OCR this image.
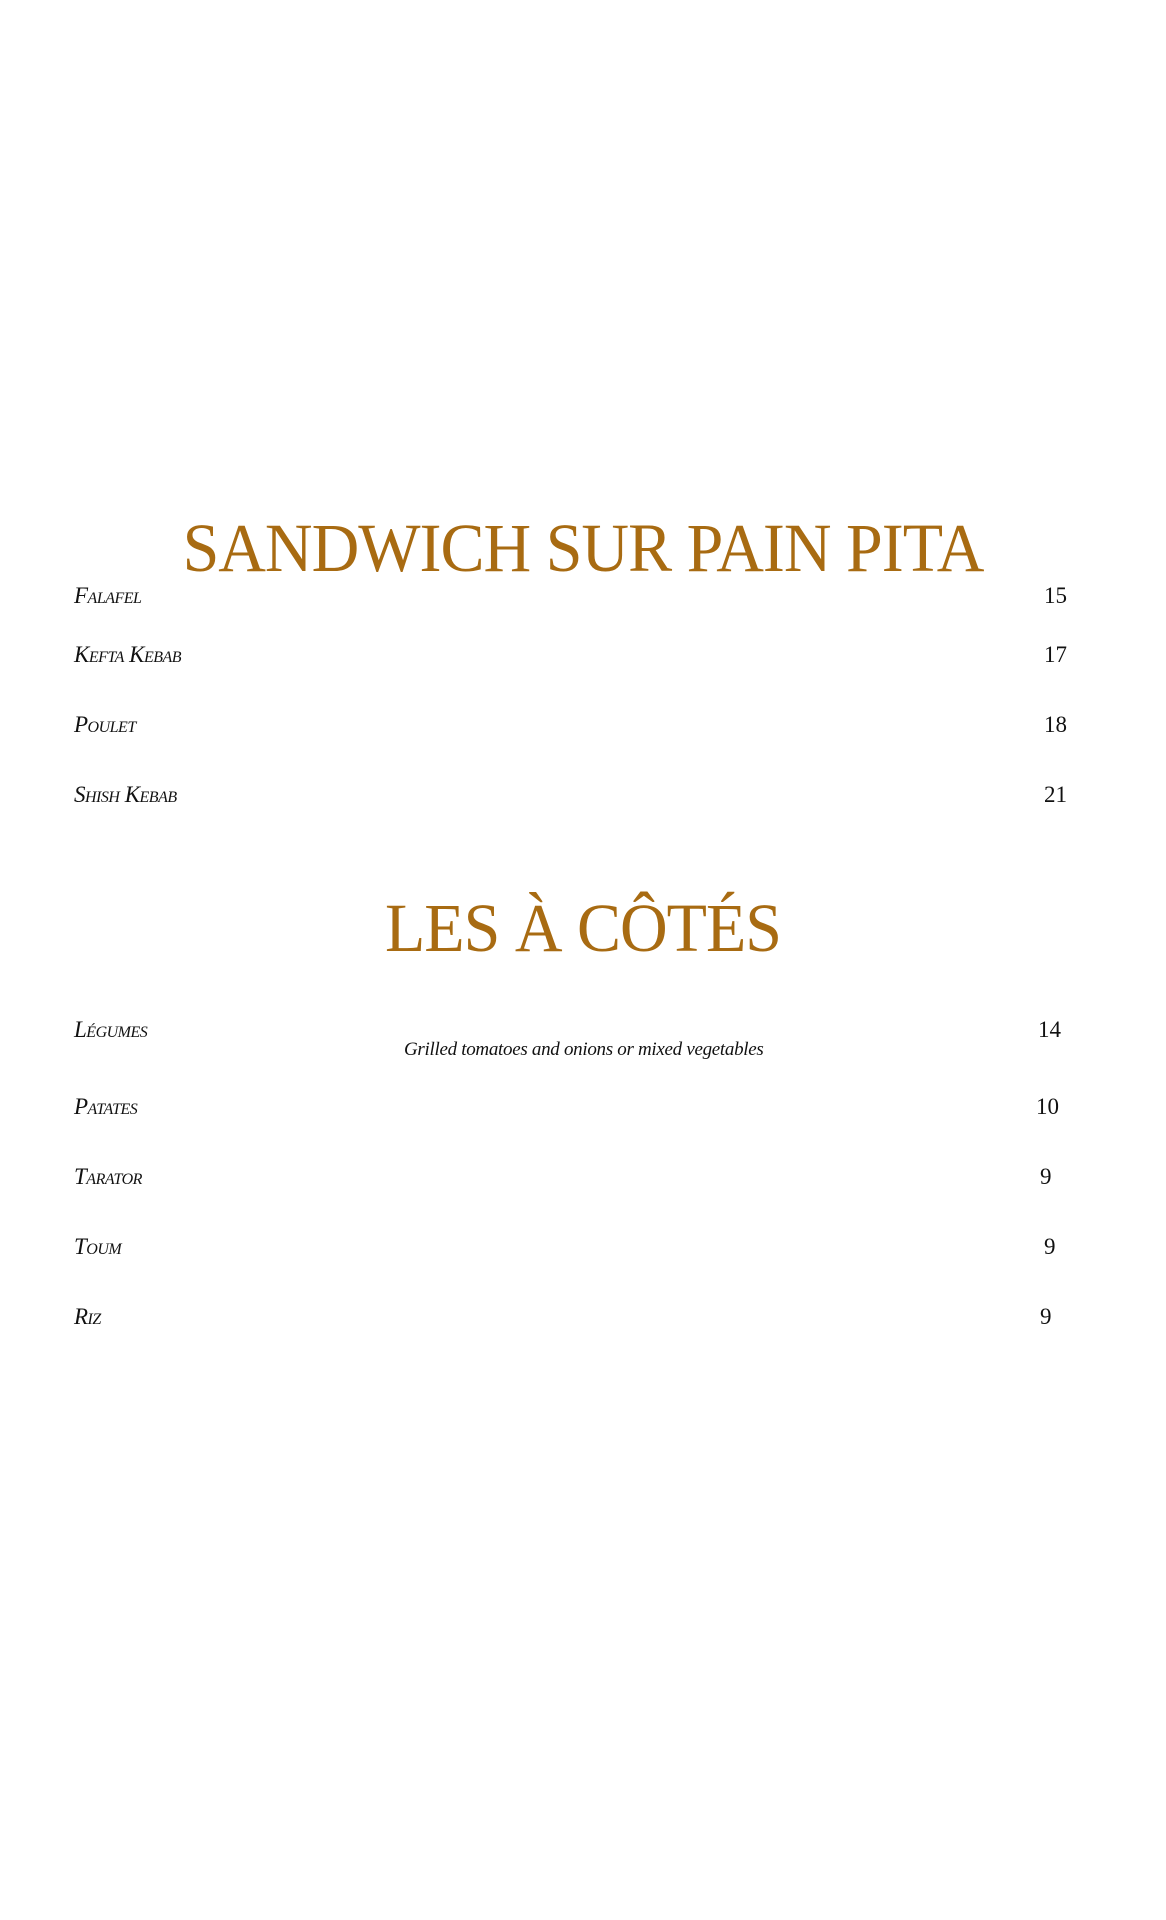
SANDWICH SUR PAIN PITA
Falafel	15
Kefta Kebab	17
Poulet	18
Shish Kebab	21
LES À CÔTÉS
Légumes	14
Grilled tomatoes and onions or mixed vegetables
Patates	10
Tarator	9
Toum	9
Riz	9
